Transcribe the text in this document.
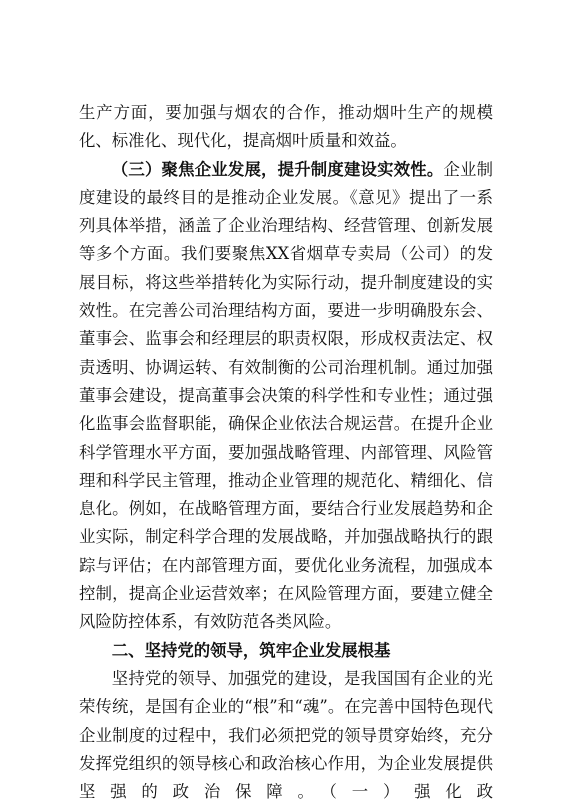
生产方面，要加强与烟农的合作，推动烟叶生产的规模化、标准化、现代化，提高烟叶质量和效益。

（三）聚焦企业发展，提升制度建设实效性。企业制度建设的最终目的是推动企业发展。《意见》提出了一系列具体举措，涵盖了企业治理结构、经营管理、创新发展等多个方面。我们要聚焦XX省烟草专卖局（公司）的发展目标，将这些举措转化为实际行动，提升制度建设的实效性。在完善公司治理结构方面，要进一步明确股东会、董事会、监事会和经理层的职责权限，形成权责法定、权责透明、协调运转、有效制衡的公司治理机制。通过加强董事会建设，提高董事会决策的科学性和专业性；通过强化监事会监督职能，确保企业依法合规运营。在提升企业科学管理水平方面，要加强战略管理、内部管理、风险管理和科学民主管理，推动企业管理的规范化、精细化、信息化。例如，在战略管理方面，要结合行业发展趋势和企业实际，制定科学合理的发展战略，并加强战略执行的跟踪与评估；在内部管理方面，要优化业务流程，加强成本控制，提高企业运营效率；在风险管理方面，要建立健全风险防控体系，有效防范各类风险。

二、坚持党的领导，筑牢企业发展根基

坚持党的领导、加强党的建设，是我国国有企业的光荣传统，是国有企业的“根”和“魂”。在完善中国特色现代企业制度的过程中，我们必须把党的领导贯穿始终，充分发挥党组织的领导核心和政治核心作用，为企业发展提供坚强的政治保障。（一）强化政
